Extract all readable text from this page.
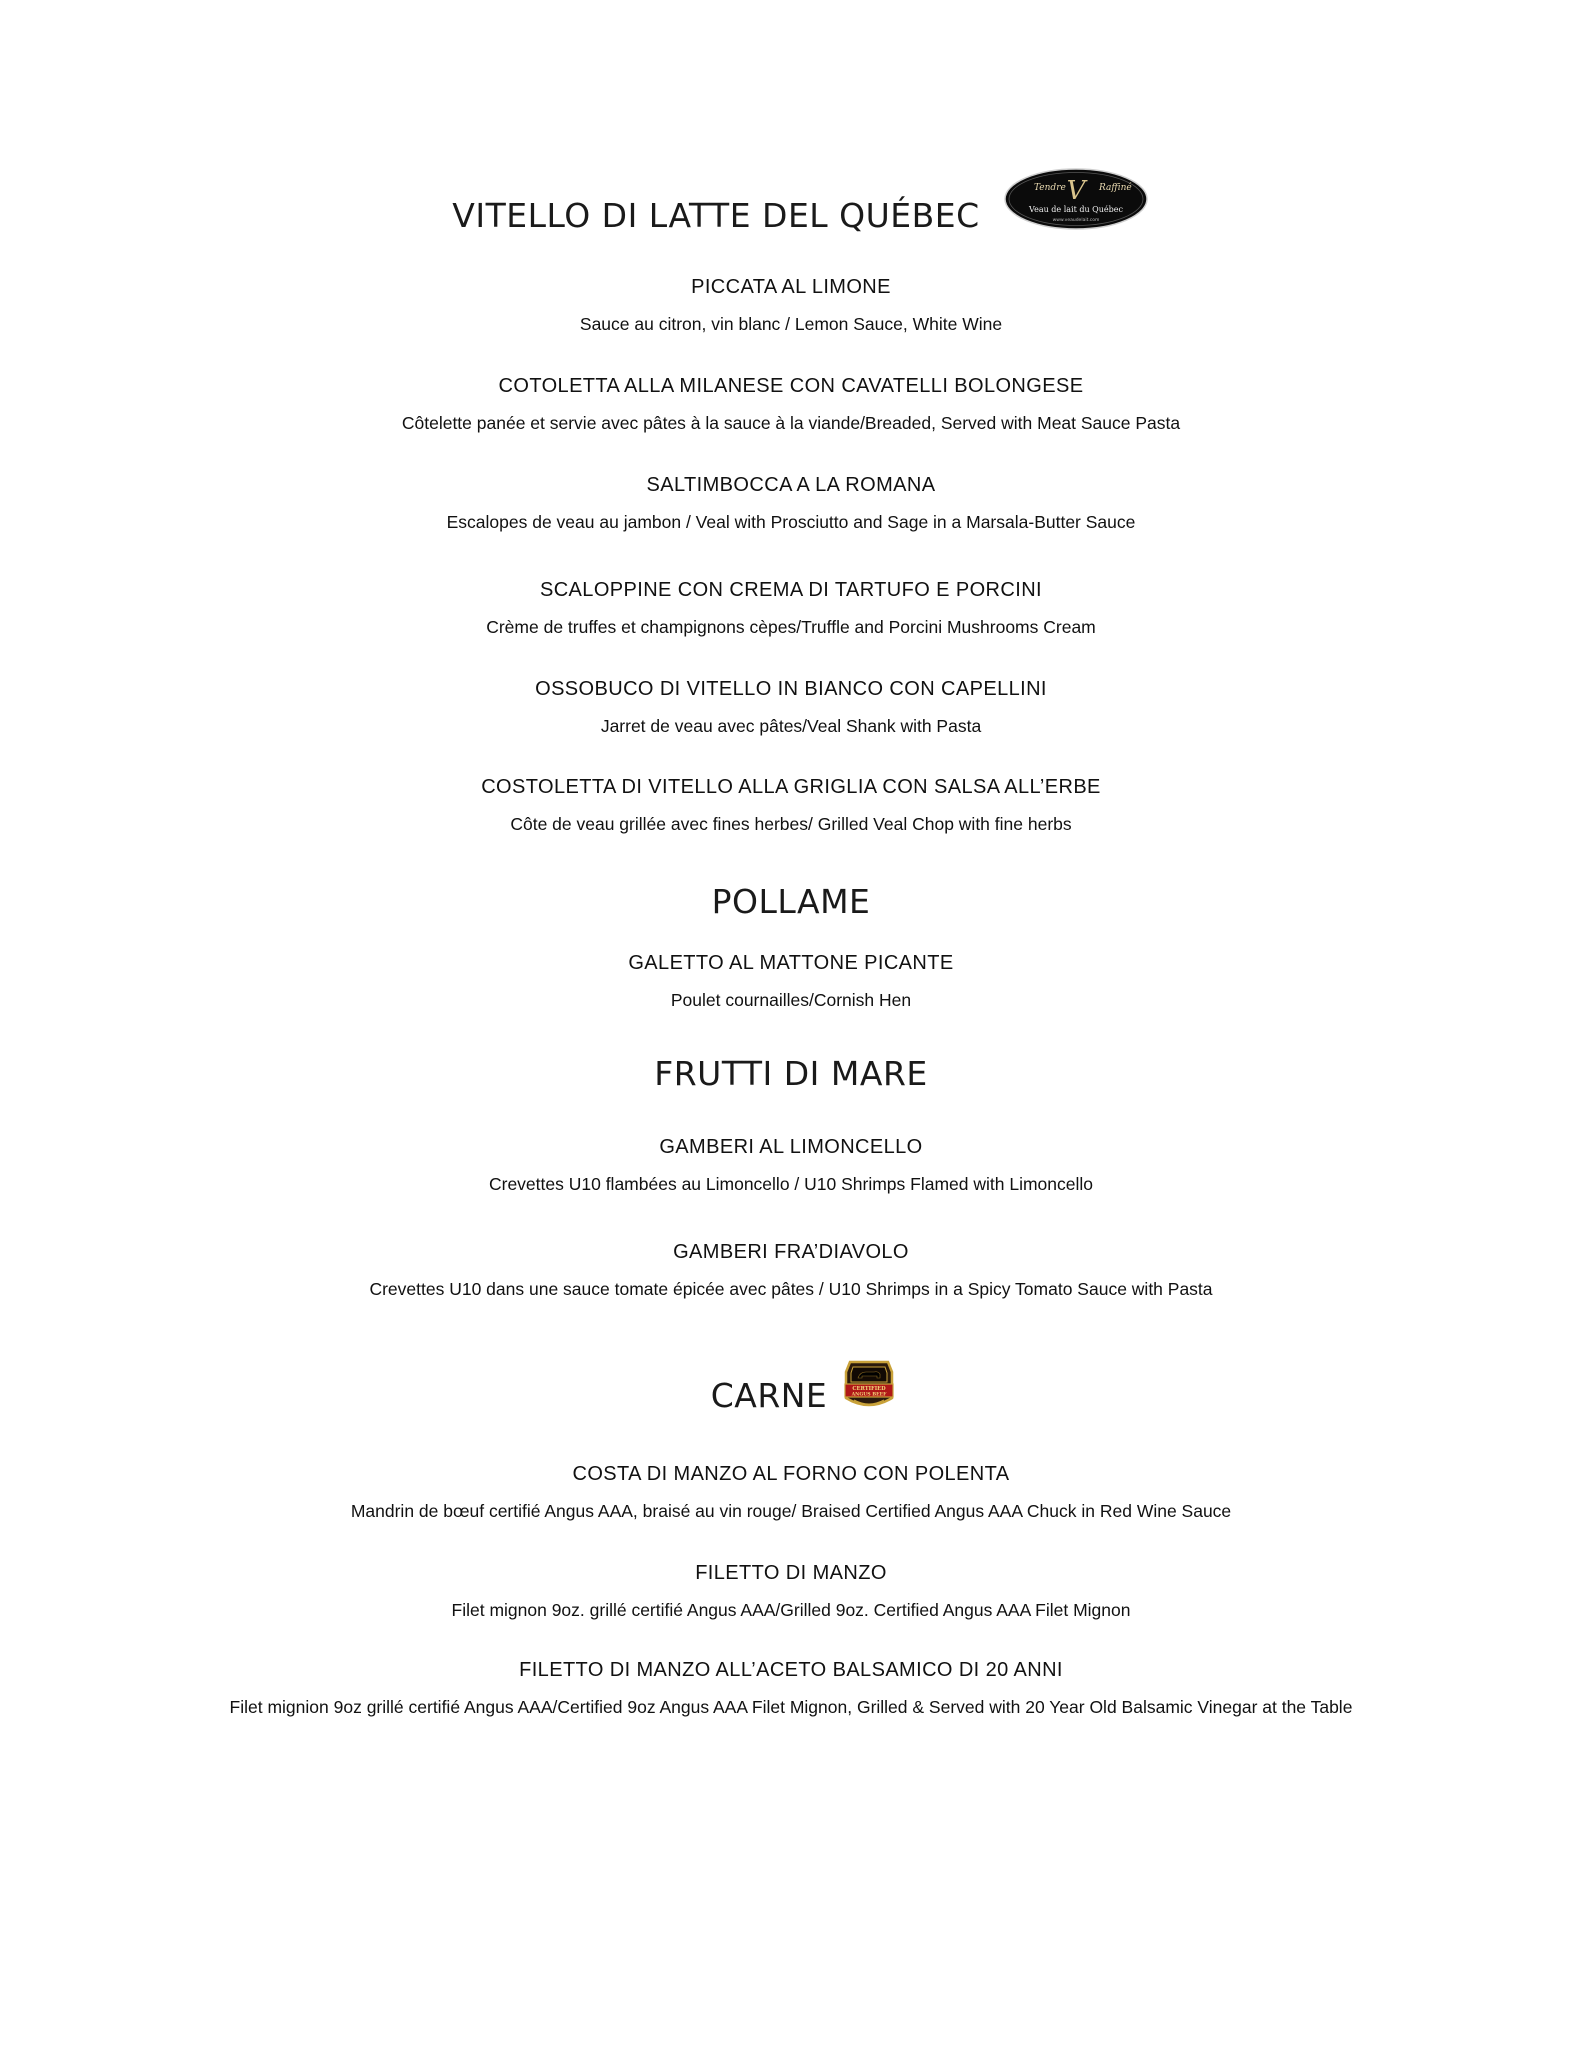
VITELLO DI LATTE DEL QUÉBEC
Tendre	Raffiné
V
Veau de lait du Québec
www.veaudelait.com
PICCATA AL LIMONE
Sauce au citron, vin blanc / Lemon Sauce, White Wine
COTOLETTA ALLA MILANESE CON CAVATELLI BOLONGESE
Côtelette panée et servie avec pâtes à la sauce à la viande/Breaded, Served with Meat Sauce Pasta
SALTIMBOCCA A LA ROMANA
Escalopes de veau au jambon / Veal with Prosciutto and Sage in a Marsala-Butter Sauce
SCALOPPINE CON CREMA DI TARTUFO E PORCINI
Crème de truffes et champignons cèpes/Truffle and Porcini Mushrooms Cream
OSSOBUCO DI VITELLO IN BIANCO CON CAPELLINI
Jarret de veau avec pâtes/Veal Shank with Pasta
COSTOLETTA DI VITELLO ALLA GRIGLIA CON SALSA ALL’ERBE
Côte de veau grillée avec fines herbes/ Grilled Veal Chop with fine herbs
POLLAME
GALETTO AL MATTONE PICANTE
Poulet cournailles/Cornish Hen
FRUTTI DI MARE
GAMBERI AL LIMONCELLO
Crevettes U10 flambées au Limoncello / U10 Shrimps Flamed with Limoncello
GAMBERI FRA’DIAVOLO
Crevettes U10 dans une sauce tomate épicée avec pâtes / U10 Shrimps in a Spicy Tomato Sauce with Pasta
CARNE	CERTIFIED
ANGUS BEEF
COSTA DI MANZO AL FORNO CON POLENTA
Mandrin de bœuf certifié Angus AAA, braisé au vin rouge/ Braised Certified Angus AAA Chuck in Red Wine Sauce
FILETTO DI MANZO
Filet mignon 9oz. grillé certifié Angus AAA/Grilled 9oz. Certified Angus AAA Filet Mignon
FILETTO DI MANZO ALL’ACETO BALSAMICO DI 20 ANNI
Filet mignion 9oz grillé certifié Angus AAA/Certified 9oz Angus AAA Filet Mignon, Grilled & Served with 20 Year Old Balsamic Vinegar at the Table
